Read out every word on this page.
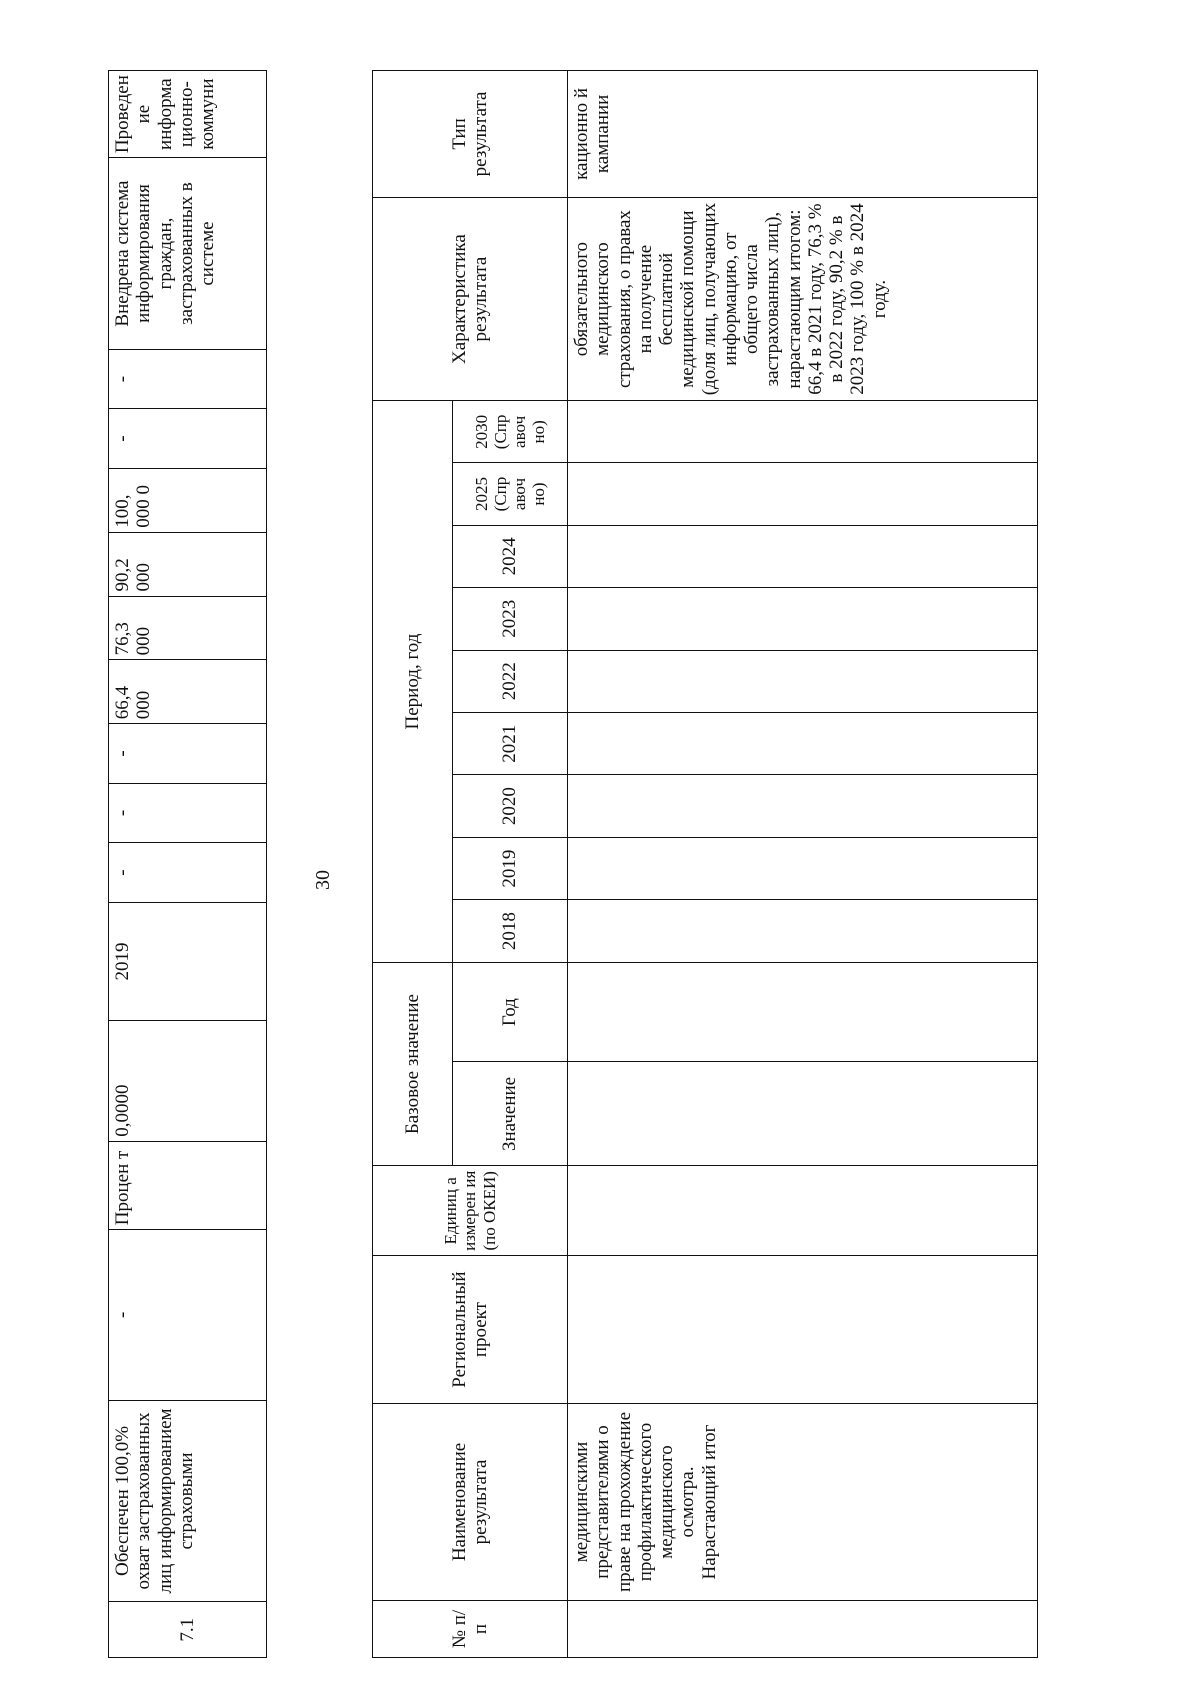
7.1	Обеспечен 100,0% охват застрахованных лиц информированием страховыми	-	Процен т	0,0000	2019	-	-	-	66,4 000	76,3 000	90,2 000	100, 000 0	-	-	Внедрена система информирования граждан, застрахованных в системе	Проведен ие информа ционно-коммуни
30
№ п/п	Наименование результата	Региональный проект	Единиц а измерен ия (по ОКЕИ)	Базовое значение		Период, год									Характеристика результата	Тип результата
				Значение	Год	2018	2019	2020	2021	2022	2023	2024	2025 (Спр авоч но)	2030 (Спр авоч но)		
	медицинскими представителями о праве на прохождение профилактического медицинского осмотра. Нарастающий итог														обязательного медицинского страхования, о правах на получение бесплатной медицинской помощи (доля лиц, получающих информацию, от общего числа застрахованных лиц), нарастающим итогом: 66,4 в 2021 году, 76,3 % в 2022 году, 90,2 % в 2023 году, 100 % в 2024 году.	кационно й кампании
